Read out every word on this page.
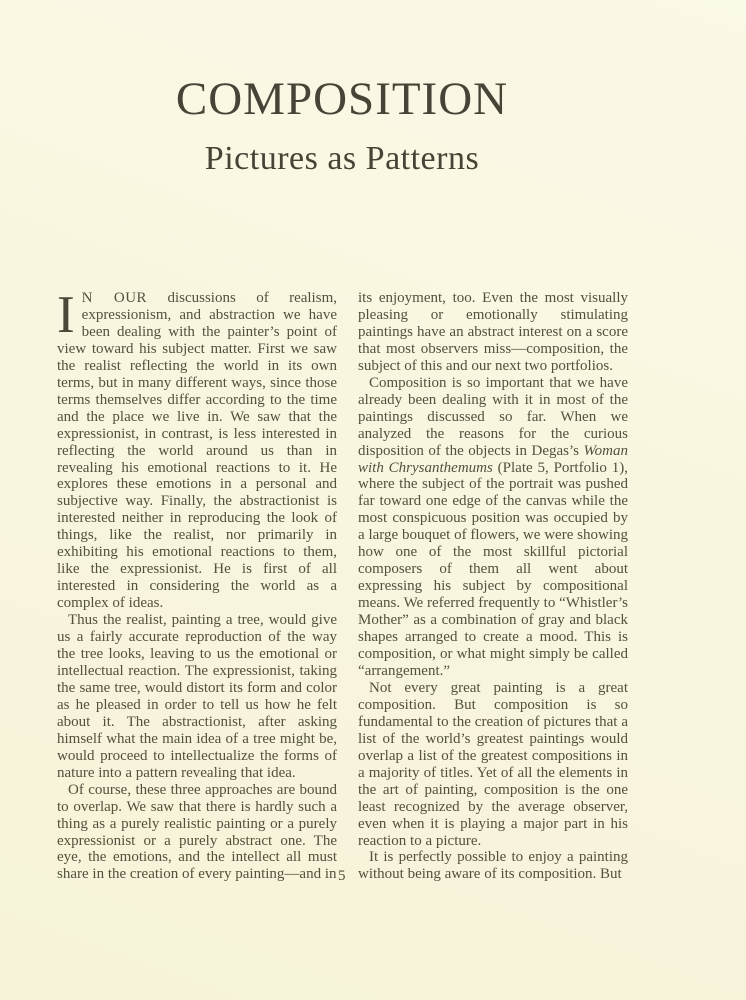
COMPOSITION
Pictures as Patterns

I N OUR discussions of realism, expressionism, and abstraction we have been dealing with the painter’s point of view toward his subject matter. First we saw the realist reflecting the world in its own terms, but in many different ways, since those terms themselves differ according to the time and the place we live in. We saw that the expressionist, in contrast, is less interested in reflecting the world around us than in revealing his emotional reactions to it. He explores these emotions in a personal and subjective way. Finally, the abstractionist is interested neither in reproducing the look of things, like the realist, nor primarily in exhibiting his emotional reactions to them, like the expressionist. He is first of all interested in considering the world as a complex of ideas.

Thus the realist, painting a tree, would give us a fairly accurate reproduction of the way the tree looks, leaving to us the emotional or intellectual reaction. The expressionist, taking the same tree, would distort its form and color as he pleased in order to tell us how he felt about it. The abstractionist, after asking himself what the main idea of a tree might be, would proceed to intellectualize the forms of nature into a pattern revealing that idea.

Of course, these three approaches are bound to overlap. We saw that there is hardly such a thing as a purely realistic painting or a purely expressionist or a purely abstract one. The eye, the emotions, and the intellect all must share in the creation of every painting—and in

its enjoyment, too. Even the most visually pleasing or emotionally stimulating paintings have an abstract interest on a score that most observers miss—composition, the subject of this and our next two portfolios.

Composition is so important that we have already been dealing with it in most of the paintings discussed so far. When we analyzed the reasons for the curious disposition of the objects in Degas’s Woman with Chrysanthemums (Plate 5, Portfolio 1), where the subject of the portrait was pushed far toward one edge of the canvas while the most conspicuous position was occupied by a large bouquet of flowers, we were showing how one of the most skillful pictorial composers of them all went about expressing his subject by compositional means. We referred frequently to “Whistler’s Mother” as a combination of gray and black shapes arranged to create a mood. This is composition, or what might simply be called “arrangement.”

Not every great painting is a great composition. But composition is so fundamental to the creation of pictures that a list of the world’s greatest paintings would overlap a list of the greatest compositions in a majority of titles. Yet of all the elements in the art of painting, composition is the one least recognized by the average observer, even when it is playing a major part in his reaction to a picture.

It is perfectly possible to enjoy a painting without being aware of its composition. But

5
